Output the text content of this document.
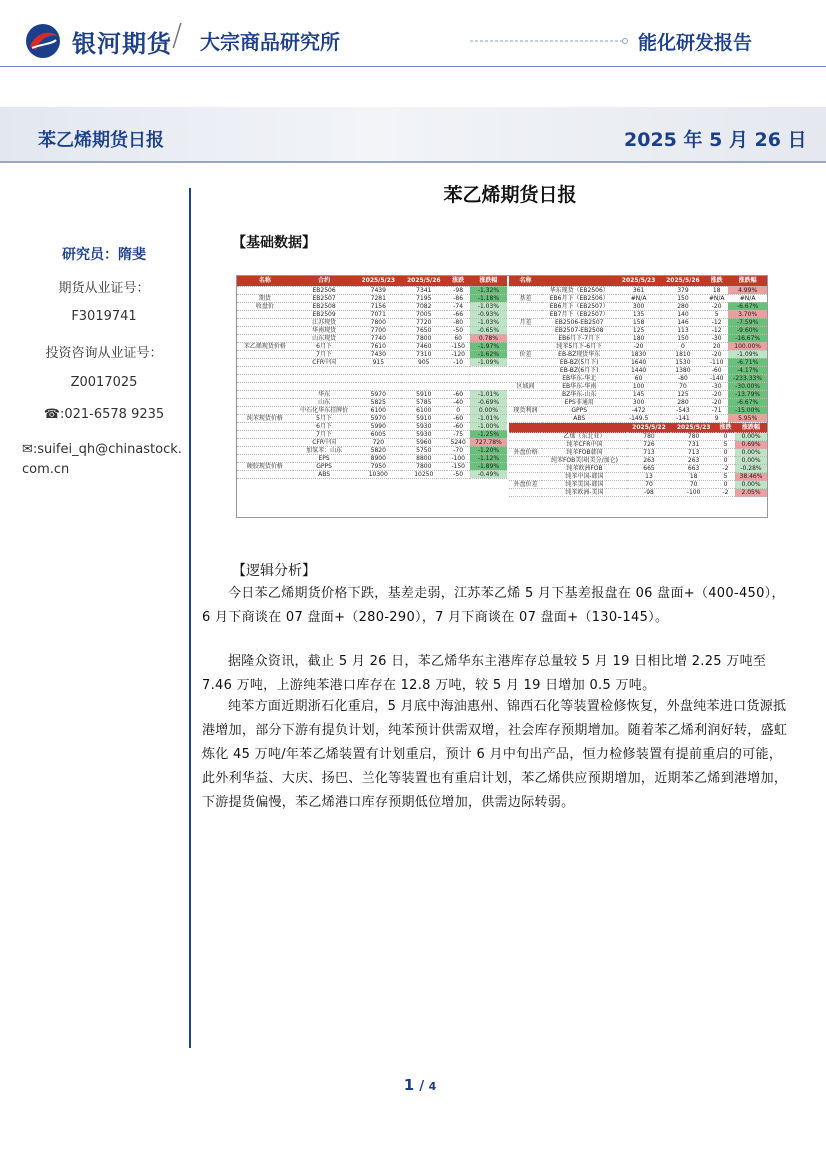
银河期货 / 大宗商品研究所	能化研发报告
苯乙烯期货日报	2025 年 5 月 26 日
研究员：隋斐
期货从业证号：
F3019741
投资咨询从业证号：
Z0017025
☎:021-6578 9235
✉:suifei_qh@chinastock.com.cn
苯乙烯期货日报
【基础数据】
名称	合约	2025/5/23	2025/5/26	涨跌	涨跌幅
	EB2506	7439	7341	-98	-1.32%
期货	EB2507	7281	7195	-86	-1.18%
收盘价	EB2508	7156	7082	-74	-1.03%
	EB2509	7071	7005	-66	-0.93%
	江苏现货	7800	7720	-80	-1.03%
	华南现货	7700	7650	-50	-0.65%
	山东现货	7740	7800	60	0.78%
苯乙烯现货价格	6月下	7610	7460	-150	-1.97%
	7月下	7430	7310	-120	-1.62%
	CFR中国	915	905	-10	-1.09%

	华东	5970	5910	-60	-1.01%
	山东	5825	5785	-40	-0.69%
	中石化华东挂牌价	6100	6100	0	0.00%
纯苯现货价格	5月下	5970	5910	-60	-1.01%
	6月下	5990	5930	-60	-1.00%
	7月下	6005	5930	-75	-1.25%
	CFR中国	720	5960	5240	727.78%
	加氢苯：山东	5820	5750	-70	-1.20%
	EPS	8900	8800	-100	-1.12%
硬胶现货价格	GPPS	7950	7800	-150	-1.89%
	ABS	10300	10250	-50	-0.49%
名称		2025/5/23	2025/5/26	涨跌	涨跌幅
	华东现货（EB2506）	361	379	18	4.99%
基差	EB6月下（EB2506）	#N/A	150	#N/A	#N/A
	EB6月下（EB2507）	300	280	-20	-6.67%
	EB7月下（EB2507）	135	140	5	3.70%
月差	EB2506-EB2507	158	146	-12	-7.59%
	EB2507-EB2508	125	113	-12	-9.60%
	EB6月下-7月下	180	150	-30	-16.67%
	纯苯5月下-6月下	-20	0	20	100.00%
价差	EB-BZ现货华东	1830	1810	-20	-1.09%
	EB-BZ(5月下)	1640	1530	-110	-6.71%
	EB-BZ(6月下)	1440	1380	-60	-4.17%
	EB华东-华北	60	-80	-140	-233.33%
区域间	EB华东-华南	100	70	-30	-30.00%
	BZ华东-山东	145	125	-20	-13.79%
	EPS非通用	300	280	-20	-6.67%
现货利润	GPPS	-472	-543	-71	-15.00%
	ABS	-149.5	-141	9	5.95%
		2025/5/22	2025/5/23	涨跌	涨跌幅
	乙烯（东北亚）	780	780	0	0.00%
	纯苯CFR中国	726	731	5	0.69%
外盘价格	纯苯FOB韩国	713	713	0	0.00%
	纯苯FOB美国(美分/加仑)	263	263	0	0.00%
	纯苯欧洲FOB	665	663	-2	-0.28%
	纯苯中国-韩国	13	18	5	38.46%
外盘价差	纯苯美国-韩国	70	70	0	0.00%
	纯苯欧洲-美国	-98	-100	-2	2.05%
【逻辑分析】
今日苯乙烯期货价格下跌，基差走弱，江苏苯乙烯 5 月下基差报盘在 06 盘面+（400-450），6 月下商谈在 07 盘面+（280-290），7 月下商谈在 07 盘面+（130-145）。
据隆众资讯，截止 5 月 26 日，苯乙烯华东主港库存总量较 5 月 19 日相比增 2.25 万吨至 7.46 万吨，上游纯苯港口库存在 12.8 万吨，较 5 月 19 日增加 0.5 万吨。
纯苯方面近期浙石化重启，5 月底中海油惠州、锦西石化等装置检修恢复，外盘纯苯进口货源抵港增加，部分下游有提负计划，纯苯预计供需双增，社会库存预期增加。随着苯乙烯利润好转，盛虹炼化 45 万吨/年苯乙烯装置有计划重启，预计 6 月中旬出产品，恒力检修装置有提前重启的可能，此外利华益、大庆、扬巴、兰化等装置也有重启计划，苯乙烯供应预期增加，近期苯乙烯到港增加，下游提货偏慢，苯乙烯港口库存预期低位增加，供需边际转弱。
1 / 4
